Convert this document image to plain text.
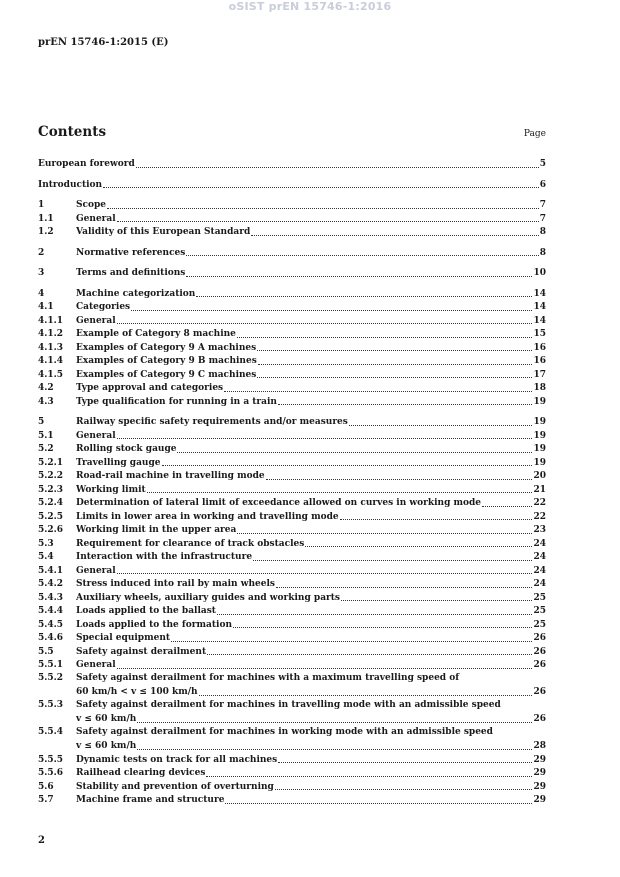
oSIST prEN 15746-1:2016
prEN 15746-1:2015 (E)
Contents	Page
European foreword	5
Introduction	6
1	Scope	7
1.1	General	7
1.2	Validity of this European Standard	8
2	Normative references	8
3	Terms and definitions	10
4	Machine categorization	14
4.1	Categories	14
4.1.1	General	14
4.1.2	Example of Category 8 machine	15
4.1.3	Examples of Category 9 A machines	16
4.1.4	Examples of Category 9 B machines	16
4.1.5	Examples of Category 9 C machines	17
4.2	Type approval and categories	18
4.3	Type qualification for running in a train	19
5	Railway specific safety requirements and/or measures	19
5.1	General	19
5.2	Rolling stock gauge	19
5.2.1	Travelling gauge	19
5.2.2	Road-rail machine in travelling mode	20
5.2.3	Working limit	21
5.2.4	Determination of lateral limit of exceedance allowed on curves in working mode	22
5.2.5	Limits in lower area in working and travelling mode	22
5.2.6	Working limit in the upper area	23
5.3	Requirement for clearance of track obstacles	24
5.4	Interaction with the infrastructure	24
5.4.1	General	24
5.4.2	Stress induced into rail by main wheels	24
5.4.3	Auxiliary wheels, auxiliary guides and working parts	25
5.4.4	Loads applied to the ballast	25
5.4.5	Loads applied to the formation	25
5.4.6	Special equipment	26
5.5	Safety against derailment	26
5.5.1	General	26
5.5.2	Safety against derailment for machines with a maximum travelling speed of
60 km/h < v ≤ 100 km/h	26
5.5.3	Safety against derailment for machines in travelling mode with an admissible speed
v ≤ 60 km/h	26
5.5.4	Safety against derailment for machines in working mode with an admissible speed
v ≤ 60 km/h	28
5.5.5	Dynamic tests on track for all machines	29
5.5.6	Railhead clearing devices	29
5.6	Stability and prevention of overturning	29
5.7	Machine frame and structure	29
2
